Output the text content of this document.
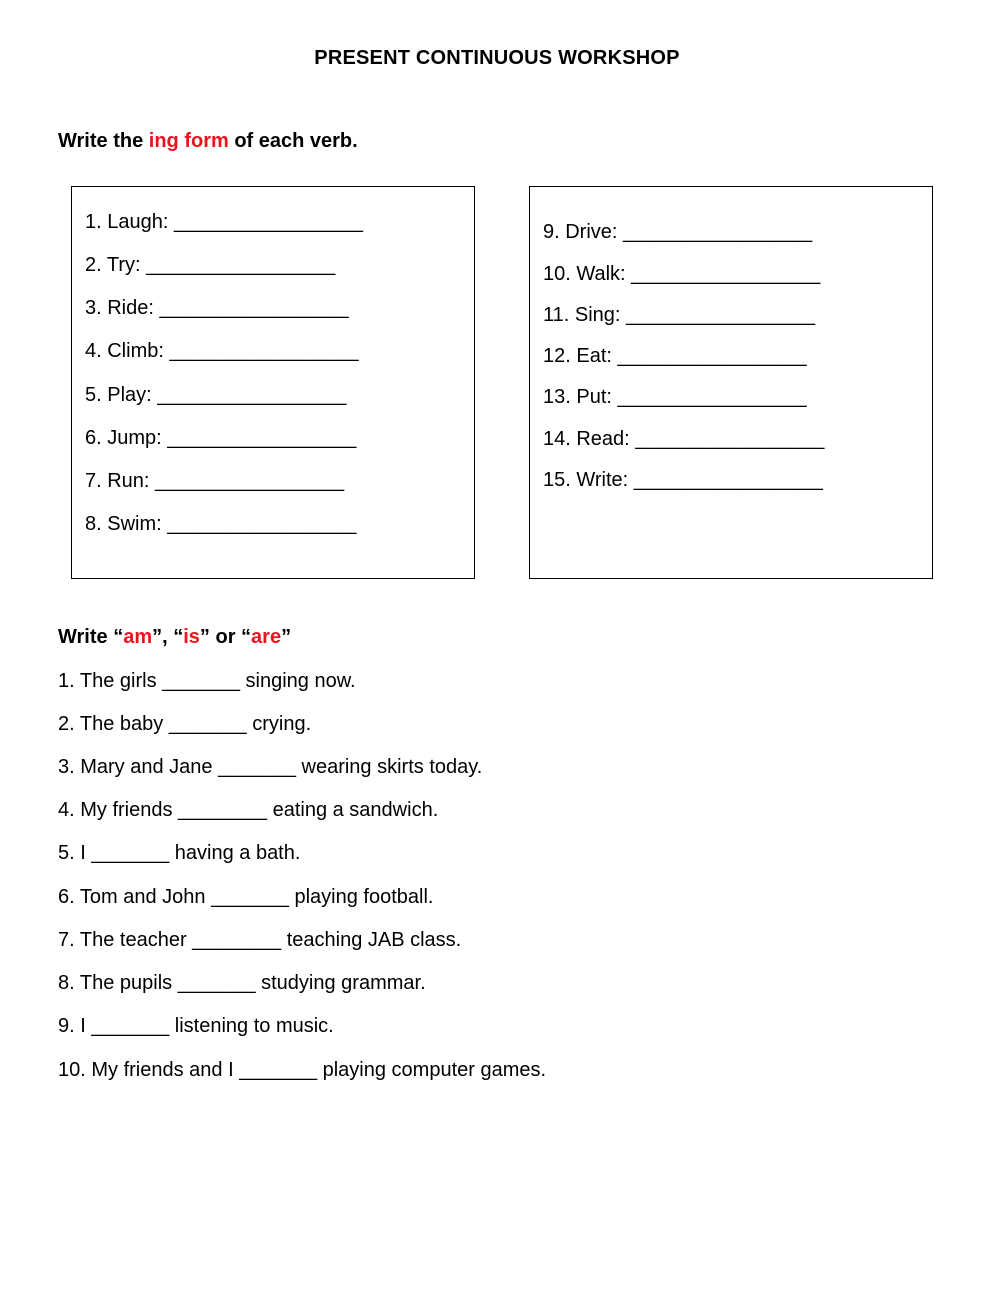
PRESENT CONTINUOUS WORKSHOP
Write the ing form of each verb.
1. Laugh: _________________
2. Try: _________________
3. Ride: _________________
4. Climb: _________________
5. Play: _________________
6. Jump: _________________
7. Run: _________________
8. Swim: _________________
9. Drive: _________________
10. Walk: _________________
11. Sing: _________________
12. Eat: _________________
13. Put: _________________
14. Read: _________________
15. Write: _________________
Write “am”, “is” or “are”
1. The girls _______ singing now.
2. The baby _______ crying.
3. Mary and Jane _______ wearing skirts today.
4. My friends ________ eating a sandwich.
5. I _______ having a bath.
6. Tom and John _______ playing football.
7. The teacher ________ teaching JAB class.
8. The pupils _______ studying grammar.
9. I _______ listening to music.
10. My friends and I _______ playing computer games.
